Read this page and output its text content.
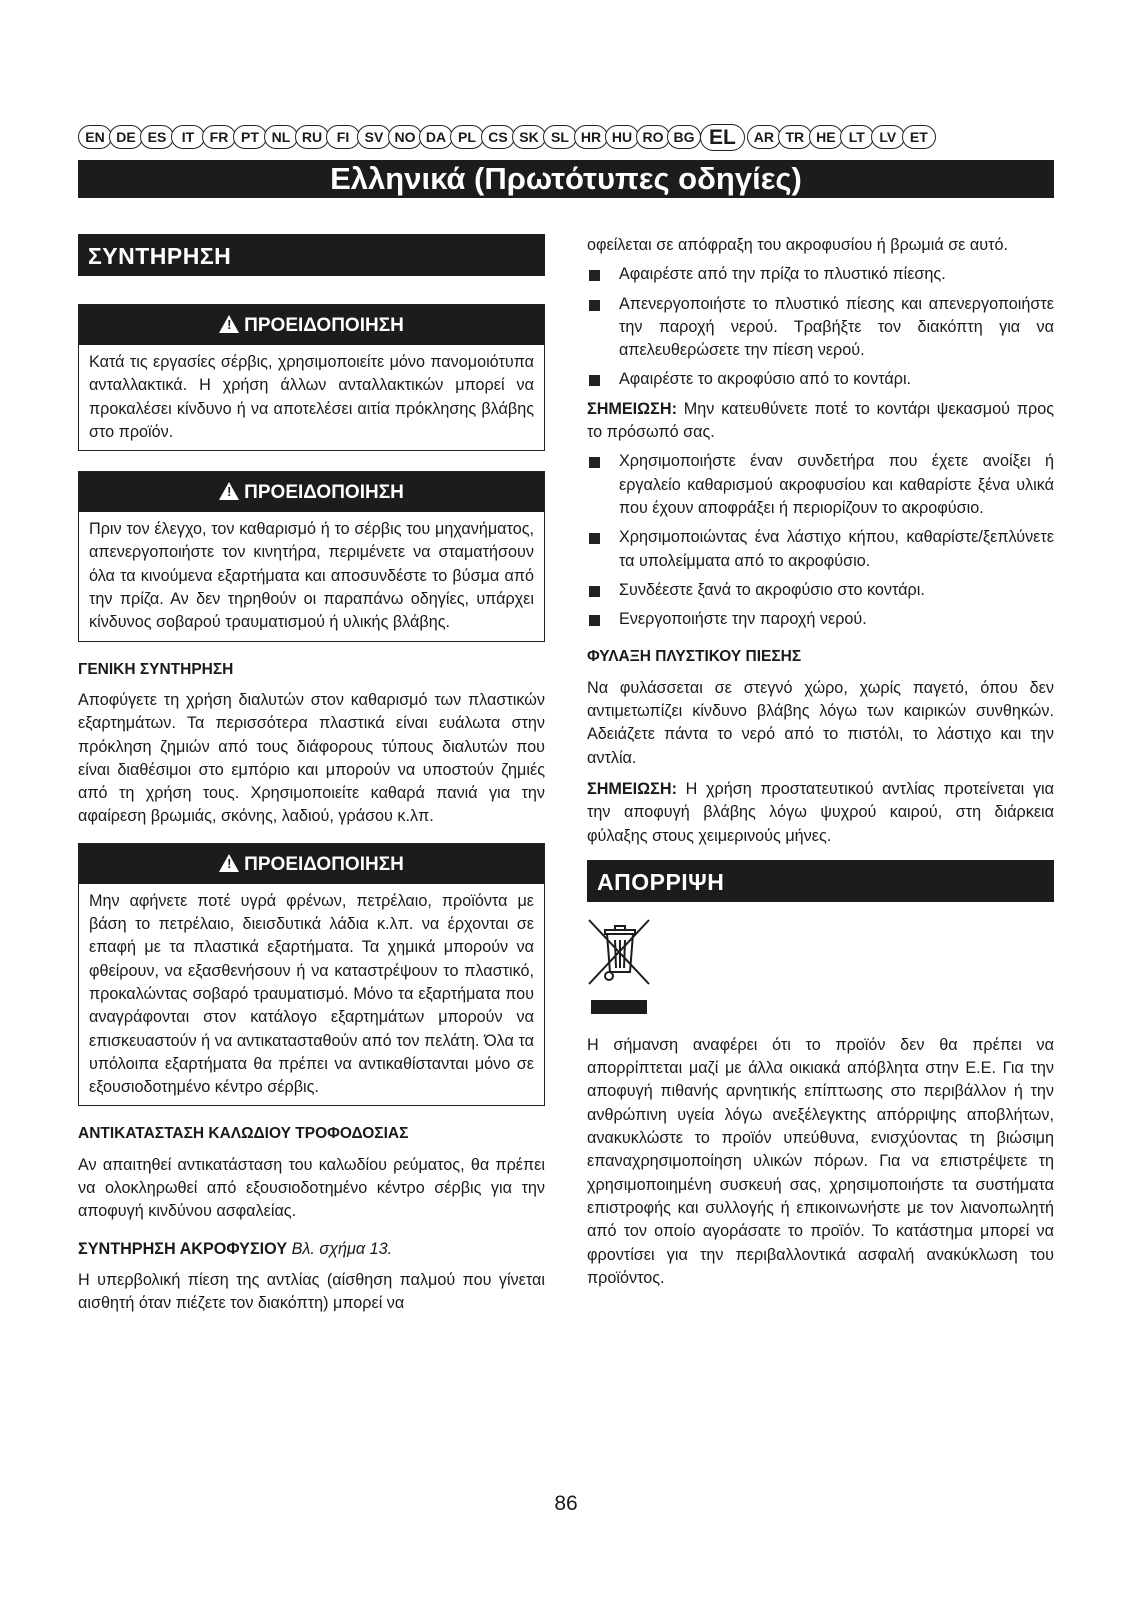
EN DE ES	IT	FR PT NL RU	FI	SV NO DA PL CS SK SL HR HU RO BG EL	AR TR HE LT	LV ET
Ελληνικά (Πρωτότυπες οδηγίες)
ΣΥΝΤΗΡΗΣΗ
!ΠΡΟΕΙΔΟΠΟΙΗΣΗ
Κατά τις εργασίες σέρβις, χρησιμοποιείτε μόνο πανομοιότυπα ανταλλακτικά. Η χρήση άλλων ανταλλακτικών μπορεί να προκαλέσει κίνδυνο ή να αποτελέσει αιτία πρόκλησης βλάβης στο προϊόν.
!ΠΡΟΕΙΔΟΠΟΙΗΣΗ
Πριν τον έλεγχο, τον καθαρισμό ή το σέρβις του μηχανήματος, απενεργοποιήστε τον κινητήρα, περιμένετε να σταματήσουν όλα τα κινούμενα εξαρτήματα και αποσυνδέστε το βύσμα από την πρίζα. Αν δεν τηρηθούν οι παραπάνω οδηγίες, υπάρχει κίνδυνος σοβαρού τραυματισμού ή υλικής βλάβης.

ΓΕΝΙΚΗ ΣΥΝΤΗΡΗΣΗ

Αποφύγετε τη χρήση διαλυτών στον καθαρισμό των πλαστικών εξαρτημάτων. Τα περισσότερα πλαστικά είναι ευάλωτα στην πρόκληση ζημιών από τους διάφορους τύπους διαλυτών που είναι διαθέσιμοι στο εμπόριο και μπορούν να υποστούν ζημιές από τη χρήση τους. Χρησιμοποιείτε καθαρά πανιά για την αφαίρεση βρωμιάς, σκόνης, λαδιού, γράσου κ.λπ.

!ΠΡΟΕΙΔΟΠΟΙΗΣΗ
Μην αφήνετε ποτέ υγρά φρένων, πετρέλαιο, προϊόντα με βάση το πετρέλαιο, διεισδυτικά λάδια κ.λπ. να έρχονται σε επαφή με τα πλαστικά εξαρτήματα. Τα χημικά μπορούν να φθείρουν, να εξασθενήσουν ή να καταστρέψουν το πλαστικό, προκαλώντας σοβαρό τραυματισμό. Μόνο τα εξαρτήματα που αναγράφονται στον κατάλογο εξαρτημάτων μπορούν να επισκευαστούν ή να αντικατασταθούν από τον πελάτη. Όλα τα υπόλοιπα εξαρτήματα θα πρέπει να αντικαθίστανται μόνο σε εξουσιοδοτημένο κέντρο σέρβις.

ΑΝΤΙΚΑΤΑΣΤΑΣΗ ΚΑΛΩΔΙΟΥ ΤΡΟΦΟΔΟΣΙΑΣ

Αν απαιτηθεί αντικατάσταση του καλωδίου ρεύματος, θα πρέπει να ολοκληρωθεί από εξουσιοδοτημένο κέντρο σέρβις για την αποφυγή κινδύνου ασφαλείας.

ΣΥΝΤΗΡΗΣΗ ΑΚΡΟΦΥΣΙΟΥ Βλ. σχήμα 13.

Η υπερβολική πίεση της αντλίας (αίσθηση παλμού που γίνεται αισθητή όταν πιέζετε τον διακόπτη) μπορεί να

οφείλεται σε απόφραξη του ακροφυσίου ή βρωμιά σε αυτό.

Αφαιρέστε από την πρίζα το πλυστικό πίεσης.

Απενεργοποιήστε το πλυστικό πίεσης και απενεργοποιήστε την παροχή νερού. Τραβήξτε τον διακόπτη για να απελευθερώσετε την πίεση νερού.

Αφαιρέστε το ακροφύσιο από το κοντάρι.

ΣΗΜΕΙΩΣΗ: Μην κατευθύνετε ποτέ το κοντάρι ψεκασμού προς το πρόσωπό σας.

Χρησιμοποιήστε έναν συνδετήρα που έχετε ανοίξει ή εργαλείο καθαρισμού ακροφυσίου και καθαρίστε ξένα υλικά που έχουν αποφράξει ή περιορίζουν το ακροφύσιο.

Χρησιμοποιώντας ένα λάστιχο κήπου, καθαρίστε/ξεπλύνετε τα υπολείμματα από το ακροφύσιο.

Συνδέεστε ξανά το ακροφύσιο στο κοντάρι.

Ενεργοποιήστε την παροχή νερού.

ΦΥΛΑΞΗ ΠΛΥΣΤΙΚΟΥ ΠΙΕΣΗΣ

Να φυλάσσεται σε στεγνό χώρο, χωρίς παγετό, όπου δεν αντιμετωπίζει κίνδυνο βλάβης λόγω των καιρικών συνθηκών. Αδειάζετε πάντα το νερό από το πιστόλι, το λάστιχο και την αντλία.

ΣΗΜΕΙΩΣΗ: Η χρήση προστατευτικού αντλίας προτείνεται για την αποφυγή βλάβης λόγω ψυχρού καιρού, στη διάρκεια φύλαξης στους χειμερινούς μήνες.

ΑΠΟΡΡΙΨΗ

Η σήμανση αναφέρει ότι το προϊόν δεν θα πρέπει να απορρίπτεται μαζί με άλλα οικιακά απόβλητα στην Ε.Ε. Για την αποφυγή πιθανής αρνητικής επίπτωσης στο περιβάλλον ή την ανθρώπινη υγεία λόγω ανεξέλεγκτης απόρριψης αποβλήτων, ανακυκλώστε το προϊόν υπεύθυνα, ενισχύοντας τη βιώσιμη επαναχρησιμοποίηση υλικών πόρων. Για να επιστρέψετε τη χρησιμοποιημένη συσκευή σας, χρησιμοποιήστε τα συστήματα επιστροφής και συλλογής ή επικοινωνήστε με τον λιανοπωλητή από τον οποίο αγοράσατε το προϊόν. Το κατάστημα μπορεί να φροντίσει για την περιβαλλοντικά ασφαλή ανακύκλωση του προϊόντος.

86
